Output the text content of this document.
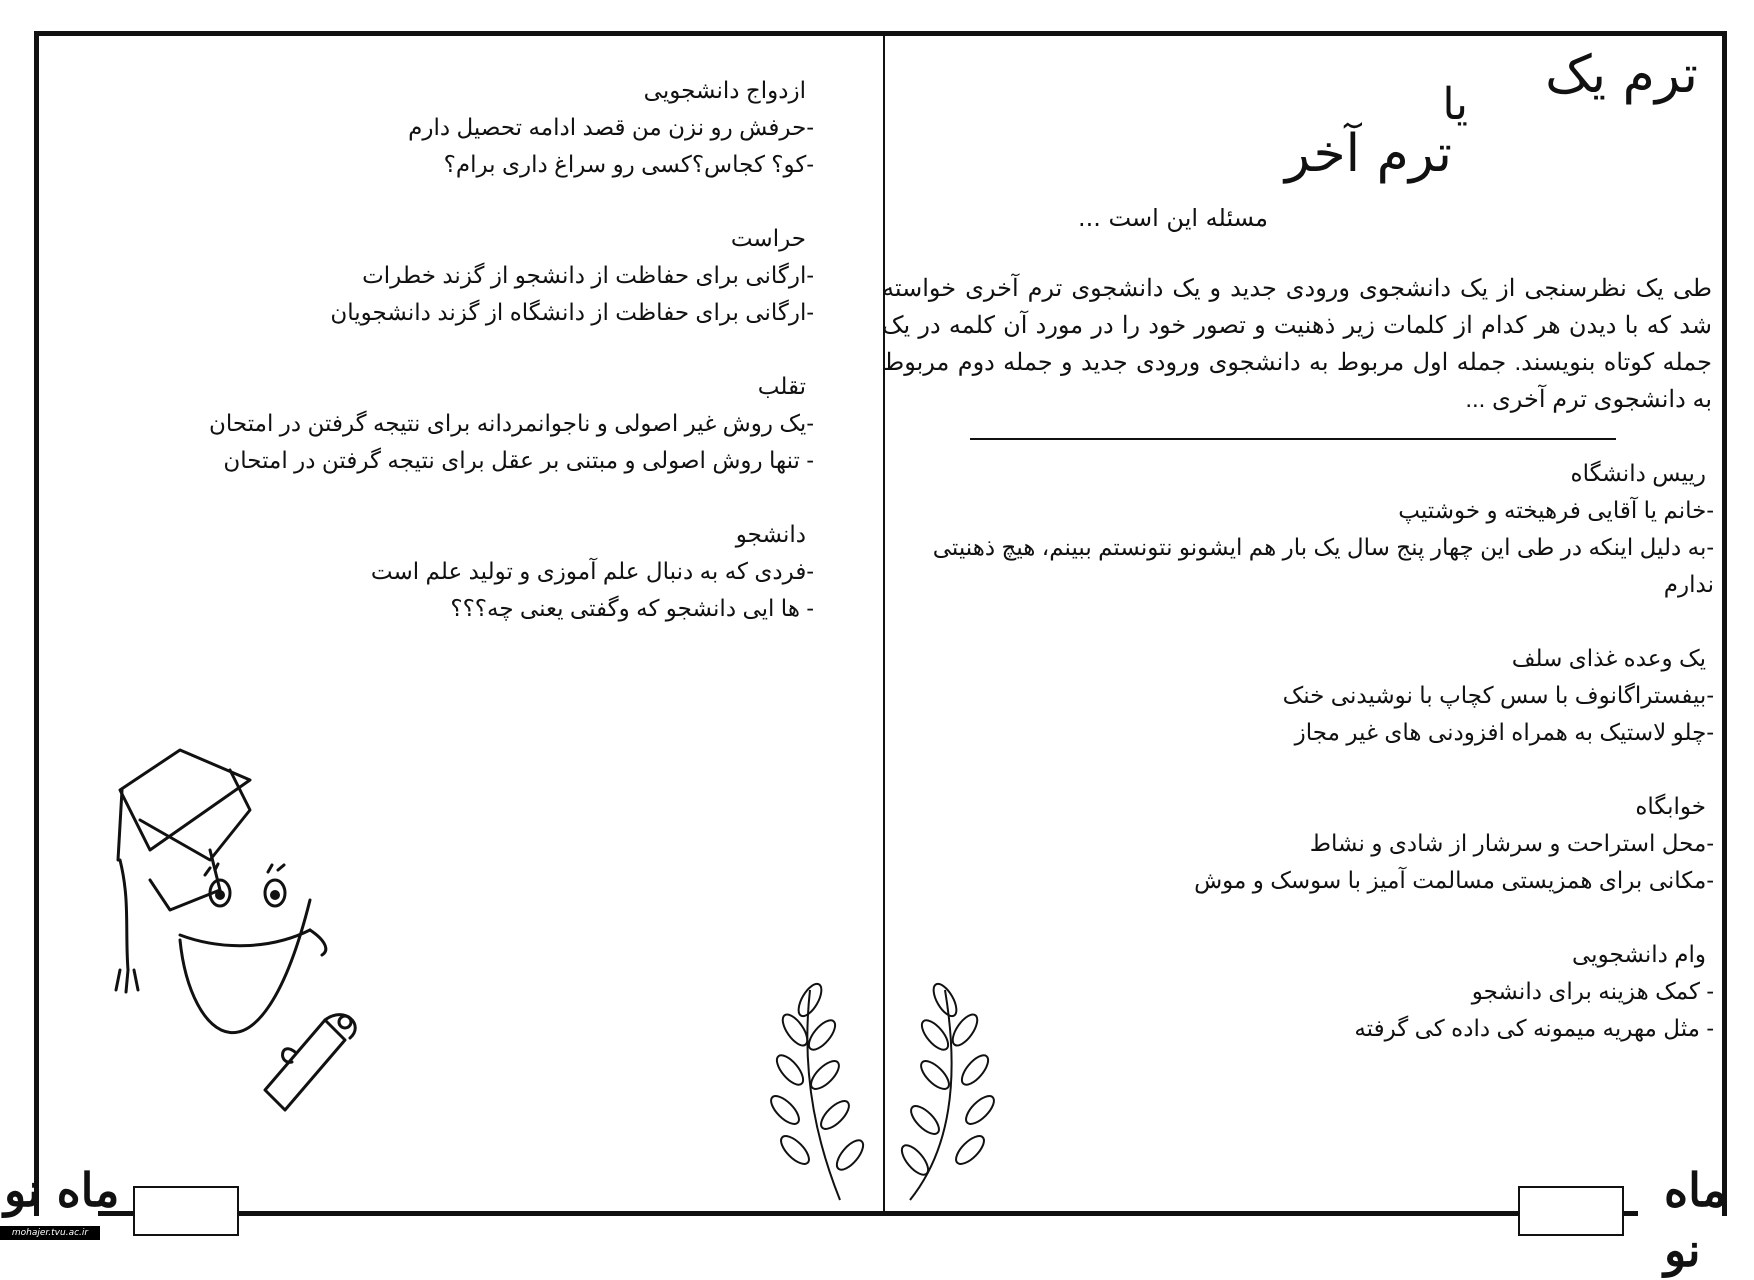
ترم یک
یا
ترم آخر
مسئله این است ...
طی یک نظرسنجی از یک دانشجوی ورودی جدید و یک دانشجوی ترم آخری خواسته شد که با دیدن هر کدام از کلمات زیر ذهنیت و تصور خود را در مورد آن کلمه در یک جمله کوتاه بنویسند. جمله اول مربوط به دانشجوی ورودی جدید و جمله دوم مربوط به دانشجوی ترم آخری ...
رییس دانشگاه
-خانم یا آقایی فرهیخته و خوشتیپ
-به دلیل اینکه در طی این چهار پنج سال یک بار هم ایشونو نتونستم ببینم، هیچ ذهنیتی ندارم
یک وعده غذای سلف
-بیفستراگانوف با سس کچاپ با نوشیدنی خنک
-چلو لاستیک به همراه افزودنی های غیر مجاز
خوابگاه
-محل استراحت و سرشار از شادی و نشاط
-مکانی برای همزیستی مسالمت آمیز با سوسک و موش
وام دانشجویی
- کمک هزینه برای دانشجو
- مثل مهریه میمونه کی داده کی گرفته
ازدواج دانشجویی
-حرفش رو نزن من قصد ادامه تحصیل دارم
-کو؟ کجاس؟کسی رو سراغ داری برام؟
حراست
-ارگانی برای حفاظت از دانشجو از گزند خطرات
-ارگانی برای حفاظت از دانشگاه از گزند دانشجویان
تقلب
-یک روش غیر اصولی و ناجوانمردانه برای نتیجه گرفتن در امتحان
- تنها روش اصولی و مبتنی بر عقل برای نتیجه گرفتن در امتحان
دانشجو
-فردی که به دنبال علم آموزی و تولید علم است
- ها ایی دانشجو که وگفتی یعنی چه؟؟؟
ماه نو	ماه نو
mohajer.tvu.ac.ir
